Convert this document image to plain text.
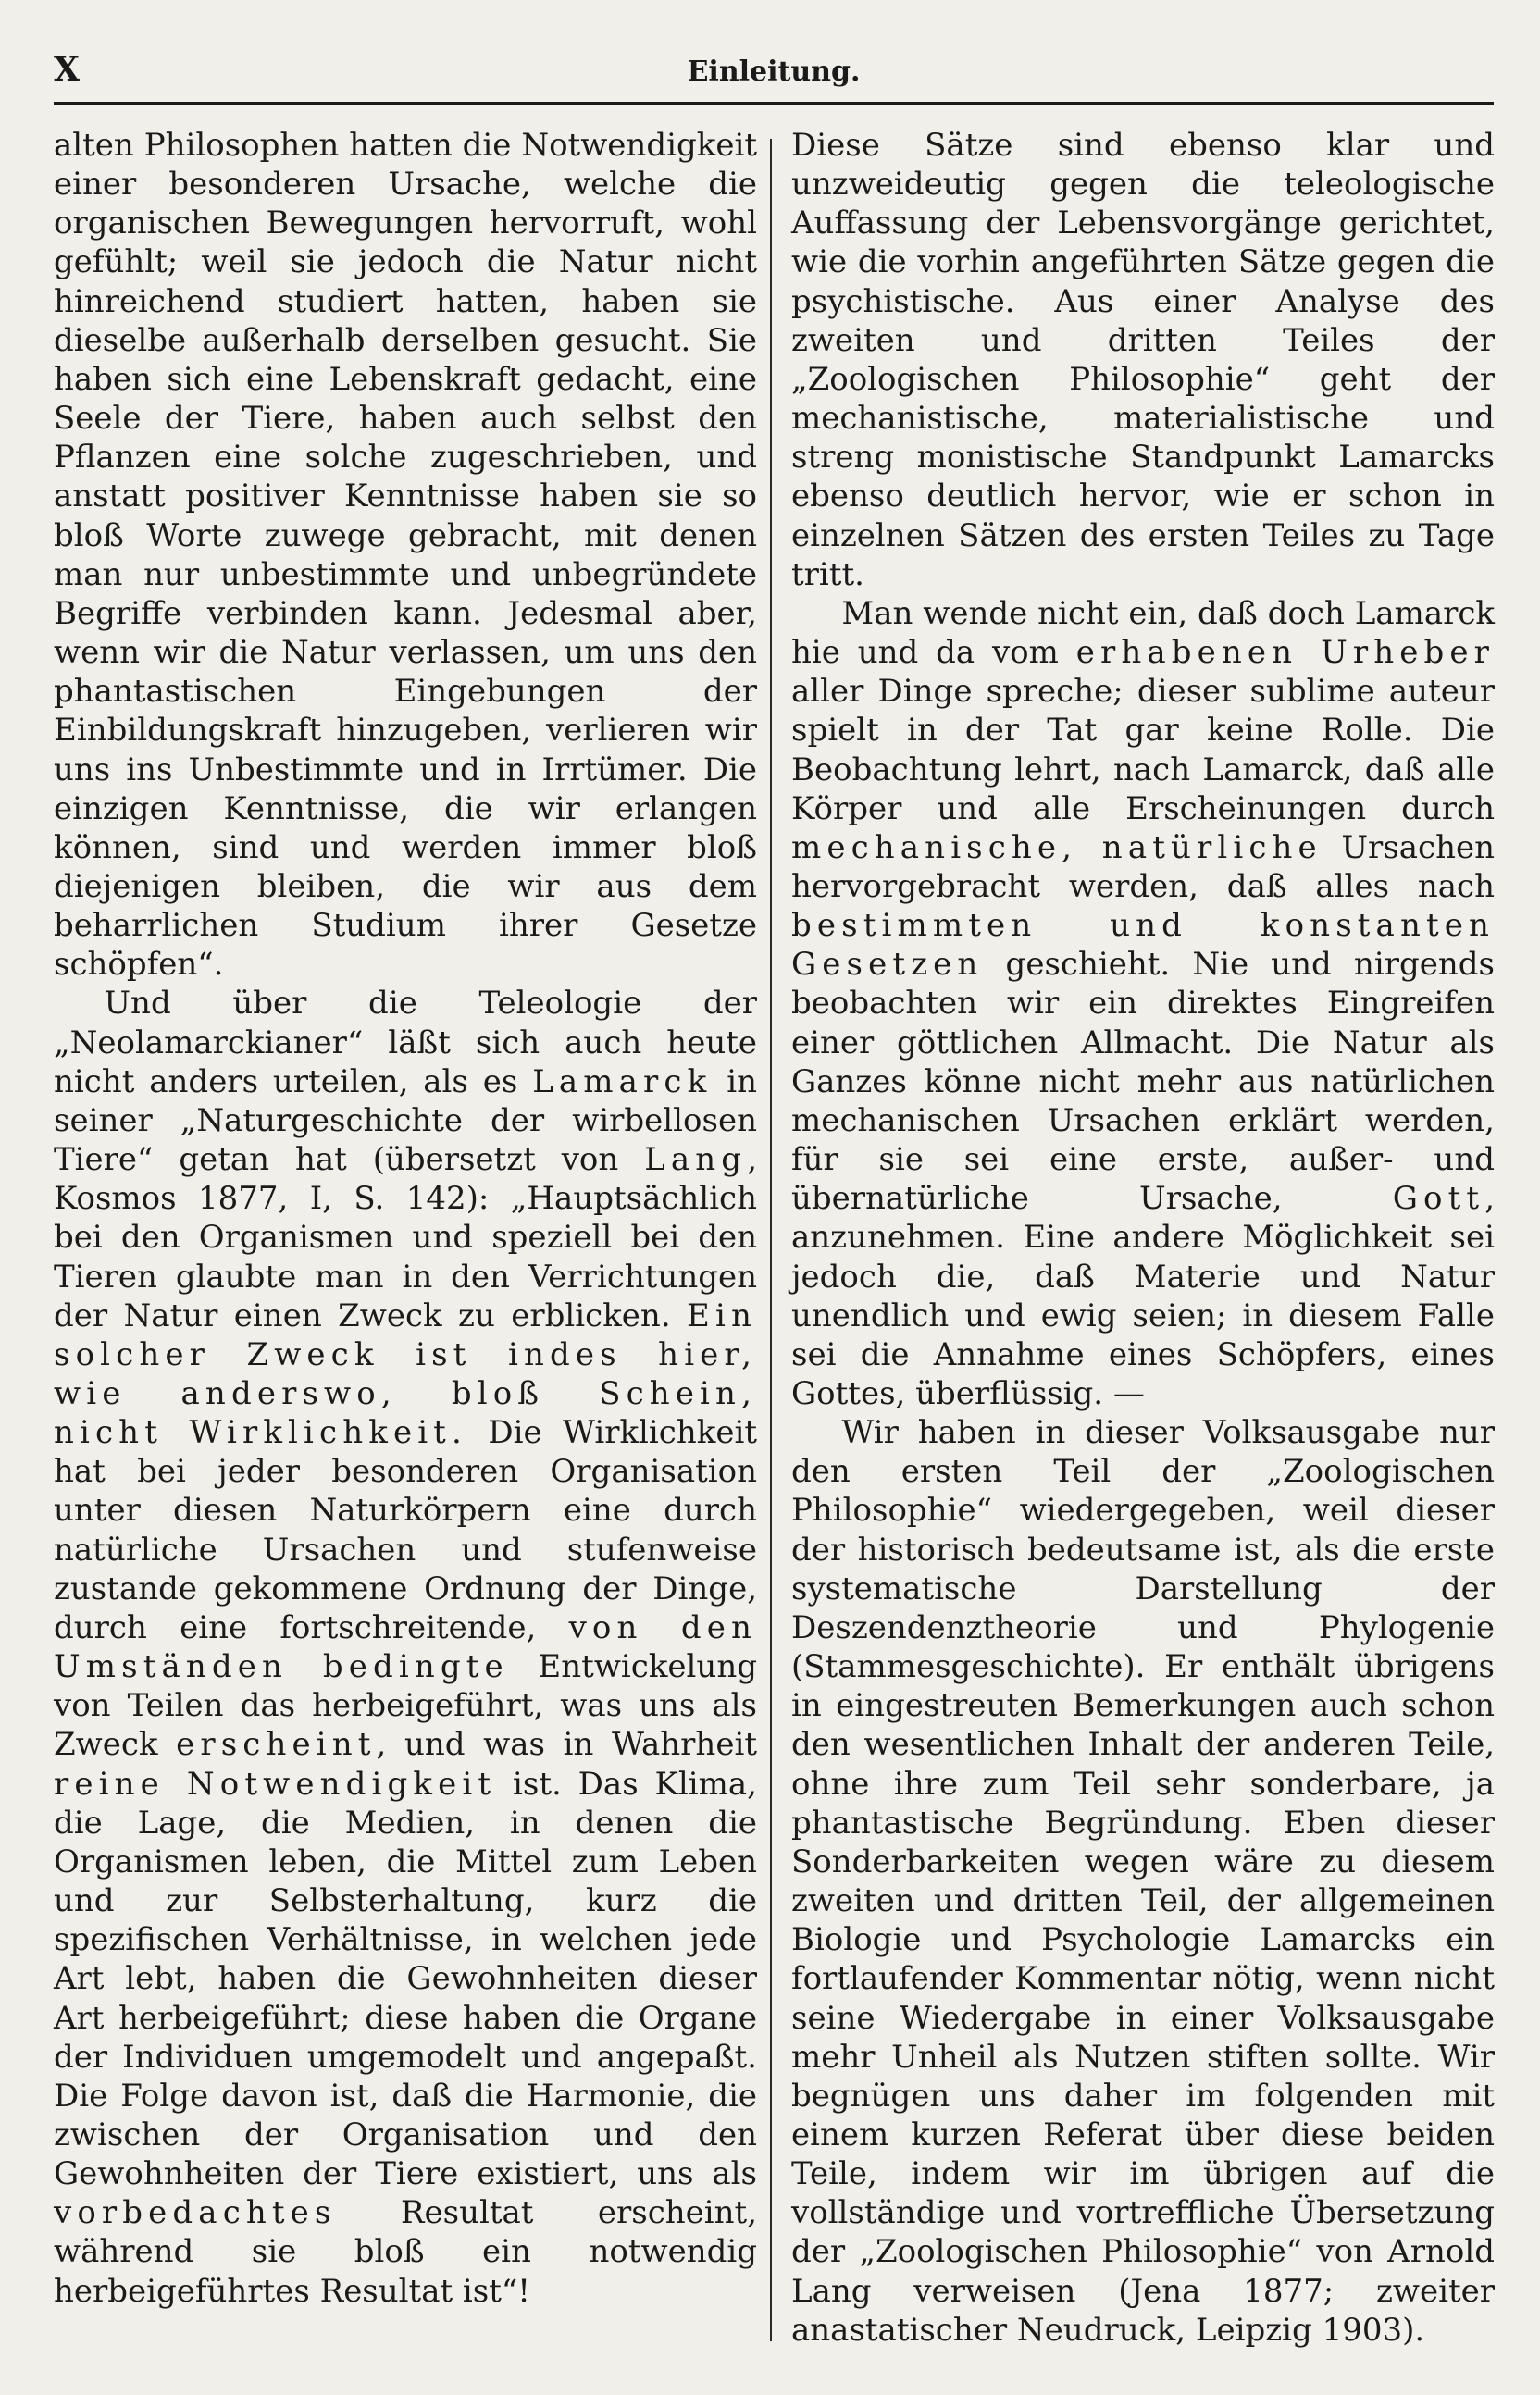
X	Einleitung.

alten Philosophen hatten die Notwendigkeit einer besonderen Ursache, welche die organischen Bewegungen hervorruft, wohl gefühlt; weil sie jedoch die Natur nicht hinreichend studiert hatten, haben sie dieselbe außerhalb derselben gesucht. Sie haben sich eine Lebenskraft gedacht, eine Seele der Tiere, haben auch selbst den Pflanzen eine solche zugeschrieben, und anstatt positiver Kenntnisse haben sie so bloß Worte zuwege gebracht, mit denen man nur unbestimmte und unbegründete Begriffe verbinden kann. Jedesmal aber, wenn wir die Natur verlassen, um uns den phantastischen Eingebungen der Einbildungskraft hinzugeben, verlieren wir uns ins Unbestimmte und in Irrtümer. Die einzigen Kenntnisse, die wir erlangen können, sind und werden immer bloß diejenigen bleiben, die wir aus dem beharrlichen Studium ihrer Gesetze schöpfen“.

Und über die Teleologie der „Neolamarckianer“ läßt sich auch heute nicht anders urteilen, als es Lamarck in seiner „Naturgeschichte der wirbellosen Tiere“ getan hat (übersetzt von Lang, Kosmos 1877, I, S. 142): „Hauptsächlich bei den Organismen und speziell bei den Tieren glaubte man in den Verrichtungen der Natur einen Zweck zu erblicken. Ein solcher Zweck ist indes hier, wie anderswo, bloß Schein, nicht Wirklichkeit. Die Wirklichkeit hat bei jeder besonderen Organisation unter diesen Naturkörpern eine durch natürliche Ursachen und stufenweise zustande gekommene Ordnung der Dinge, durch eine fortschreitende, von den Umständen bedingte Entwickelung von Teilen das herbeigeführt, was uns als Zweck erscheint, und was in Wahrheit reine Notwendigkeit ist. Das Klima, die Lage, die Medien, in denen die Organismen leben, die Mittel zum Leben und zur Selbsterhaltung, kurz die spezifischen Verhältnisse, in welchen jede Art lebt, haben die Gewohnheiten dieser Art herbeigeführt; diese haben die Organe der Individuen umgemodelt und angepaßt. Die Folge davon ist, daß die Harmonie, die zwischen der Organisation und den Gewohnheiten der Tiere existiert, uns als vorbedachtes Resultat erscheint, während sie bloß ein notwendig herbeigeführtes Resultat ist“!

Diese Sätze sind ebenso klar und unzweideutig gegen die teleologische Auffassung der Lebensvorgänge gerichtet, wie die vorhin angeführten Sätze gegen die psychistische. Aus einer Analyse des zweiten und dritten Teiles der „Zoologischen Philosophie“ geht der mechanistische, materialistische und streng monistische Standpunkt Lamarcks ebenso deutlich hervor, wie er schon in einzelnen Sätzen des ersten Teiles zu Tage tritt.

Man wende nicht ein, daß doch Lamarck hie und da vom erhabenen Urheber aller Dinge spreche; dieser sublime auteur spielt in der Tat gar keine Rolle. Die Beobachtung lehrt, nach Lamarck, daß alle Körper und alle Erscheinungen durch mechanische, natürliche Ursachen hervorgebracht werden, daß alles nach bestimmten und konstanten Gesetzen geschieht. Nie und nirgends beobachten wir ein direktes Eingreifen einer göttlichen Allmacht. Die Natur als Ganzes könne nicht mehr aus natürlichen mechanischen Ursachen erklärt werden, für sie sei eine erste, außer- und übernatürliche Ursache, Gott, anzunehmen. Eine andere Möglichkeit sei jedoch die, daß Materie und Natur unendlich und ewig seien; in diesem Falle sei die Annahme eines Schöpfers, eines Gottes, überflüssig. —

Wir haben in dieser Volksausgabe nur den ersten Teil der „Zoologischen Philosophie“ wiedergegeben, weil dieser der historisch bedeutsame ist, als die erste systematische Darstellung der Deszendenztheorie und Phylogenie (Stammesgeschichte). Er enthält übrigens in eingestreuten Bemerkungen auch schon den wesentlichen Inhalt der anderen Teile, ohne ihre zum Teil sehr sonderbare, ja phantastische Begründung. Eben dieser Sonderbarkeiten wegen wäre zu diesem zweiten und dritten Teil, der allgemeinen Biologie und Psychologie Lamarcks ein fortlaufender Kommentar nötig, wenn nicht seine Wiedergabe in einer Volksausgabe mehr Unheil als Nutzen stiften sollte. Wir begnügen uns daher im folgenden mit einem kurzen Referat über diese beiden Teile, indem wir im übrigen auf die vollständige und vortreffliche Übersetzung der „Zoologischen Philosophie“ von Arnold Lang verweisen (Jena 1877; zweiter anastatischer Neudruck, Leipzig 1903).
